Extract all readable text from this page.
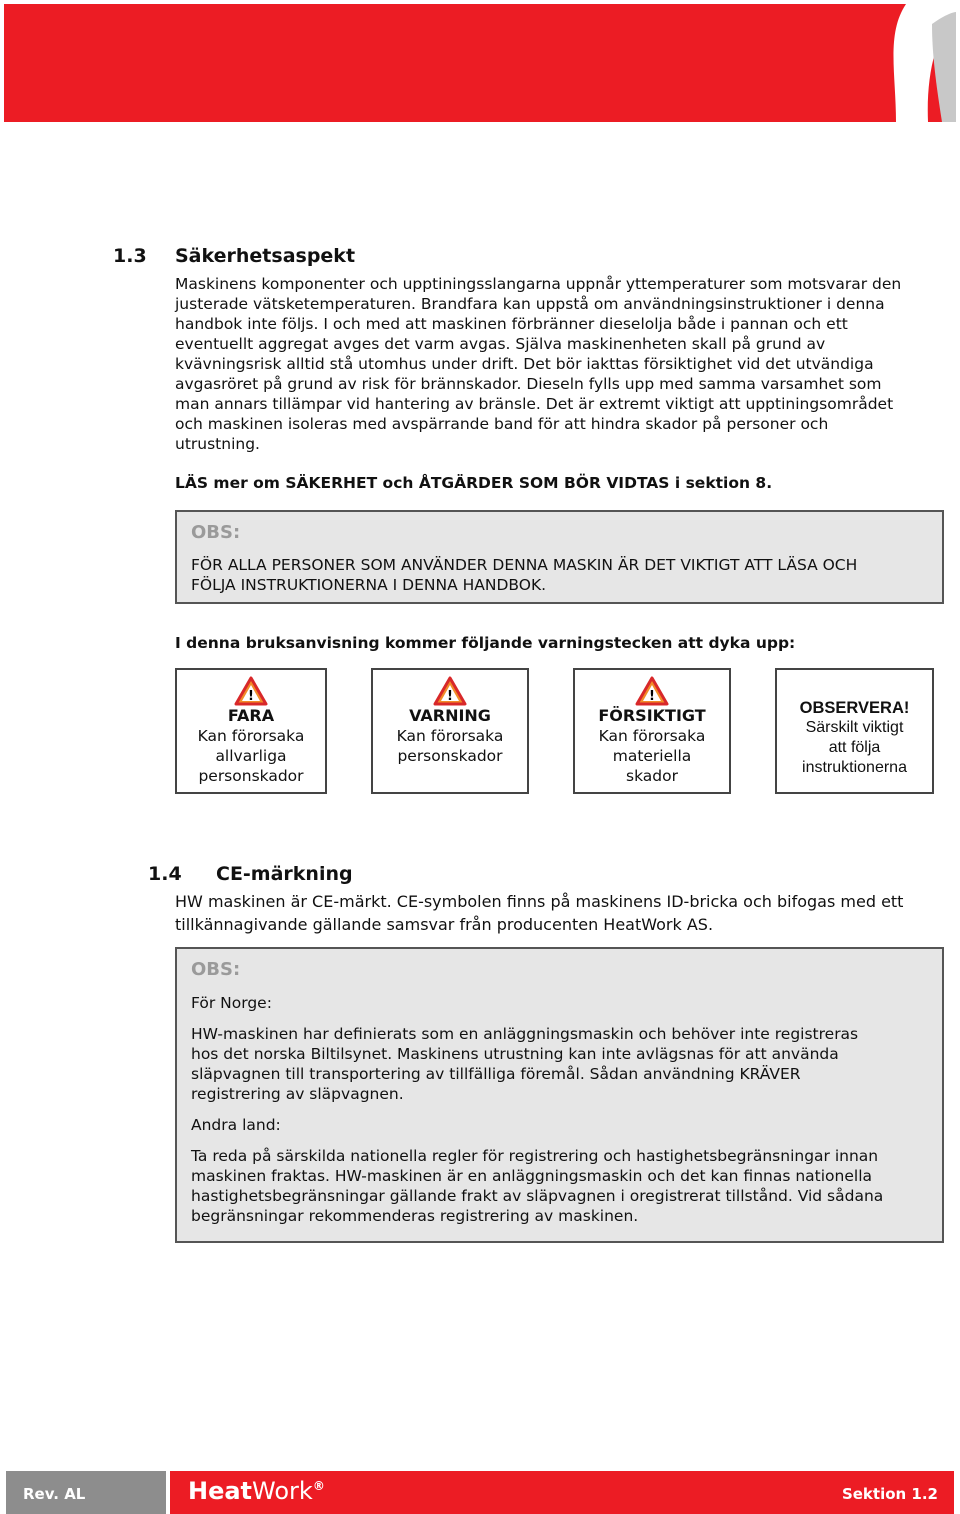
1.3 Säkerhetsaspekt

Maskinens komponenter och upptiningsslangarna uppnår yttemperaturer som motsvarar den

justerade vätsketemperaturen. Brandfara kan uppstå om användningsinstruktioner i denna

handbok inte följs. I och med att maskinen förbränner dieselolja både i pannan och ett

eventuellt aggregat avges det varm avgas. Själva maskinenheten skall på grund av

kvävningsrisk alltid stå utomhus under drift. Det bör iakttas försiktighet vid det utvändiga

avgasröret på grund av risk för brännskador. Dieseln fylls upp med samma varsamhet som

man annars tillämpar vid hantering av bränsle. Det är extremt viktigt att upptiningsområdet

och maskinen isoleras med avspärrande band för att hindra skador på personer och

utrustning.

LÄS mer om SÄKERHET och ÅTGÄRDER SOM BÖR VIDTAS i sektion 8.

OBS:

FÖR ALLA PERSONER SOM ANVÄNDER DENNA MASKIN ÄR DET VIKTIGT ATT LÄSA OCH

FÖLJA INSTRUKTIONERNA I DENNA HANDBOK.

I denna bruksanvisning kommer följande varningstecken att dyka upp:

!
FARA
Kan förorsaka
allvarliga
personskador
!
VARNING
Kan förorsaka
personskador
!
FÖRSIKTIGT
Kan förorsaka
materiella
skador
OBSERVERA!
Särskilt viktigt
att följa
instruktionerna
1.4 CE-märkning

HW maskinen är CE-märkt. CE-symbolen finns på maskinens ID-bricka och bifogas med ett

tillkännagivande gällande samsvar från producenten HeatWork AS.

OBS:

För Norge:

HW-maskinen har definierats som en anläggningsmaskin och behöver inte registreras

hos det norska Biltilsynet. Maskinens utrustning kan inte avlägsnas för att använda

släpvagnen till transportering av tillfälliga föremål. Sådan användning KRÄVER

registrering av släpvagnen.

Andra land:

Ta reda på särskilda nationella regler för registrering och hastighetsbegränsningar innan

maskinen fraktas. HW-maskinen är en anläggningsmaskin och det kan finnas nationella

hastighetsbegränsningar gällande frakt av släpvagnen i oregistrerat tillstånd. Vid sådana

begränsningar rekommenderas registrering av maskinen.

Rev. AL	HeatWork®	Sektion 1.2
